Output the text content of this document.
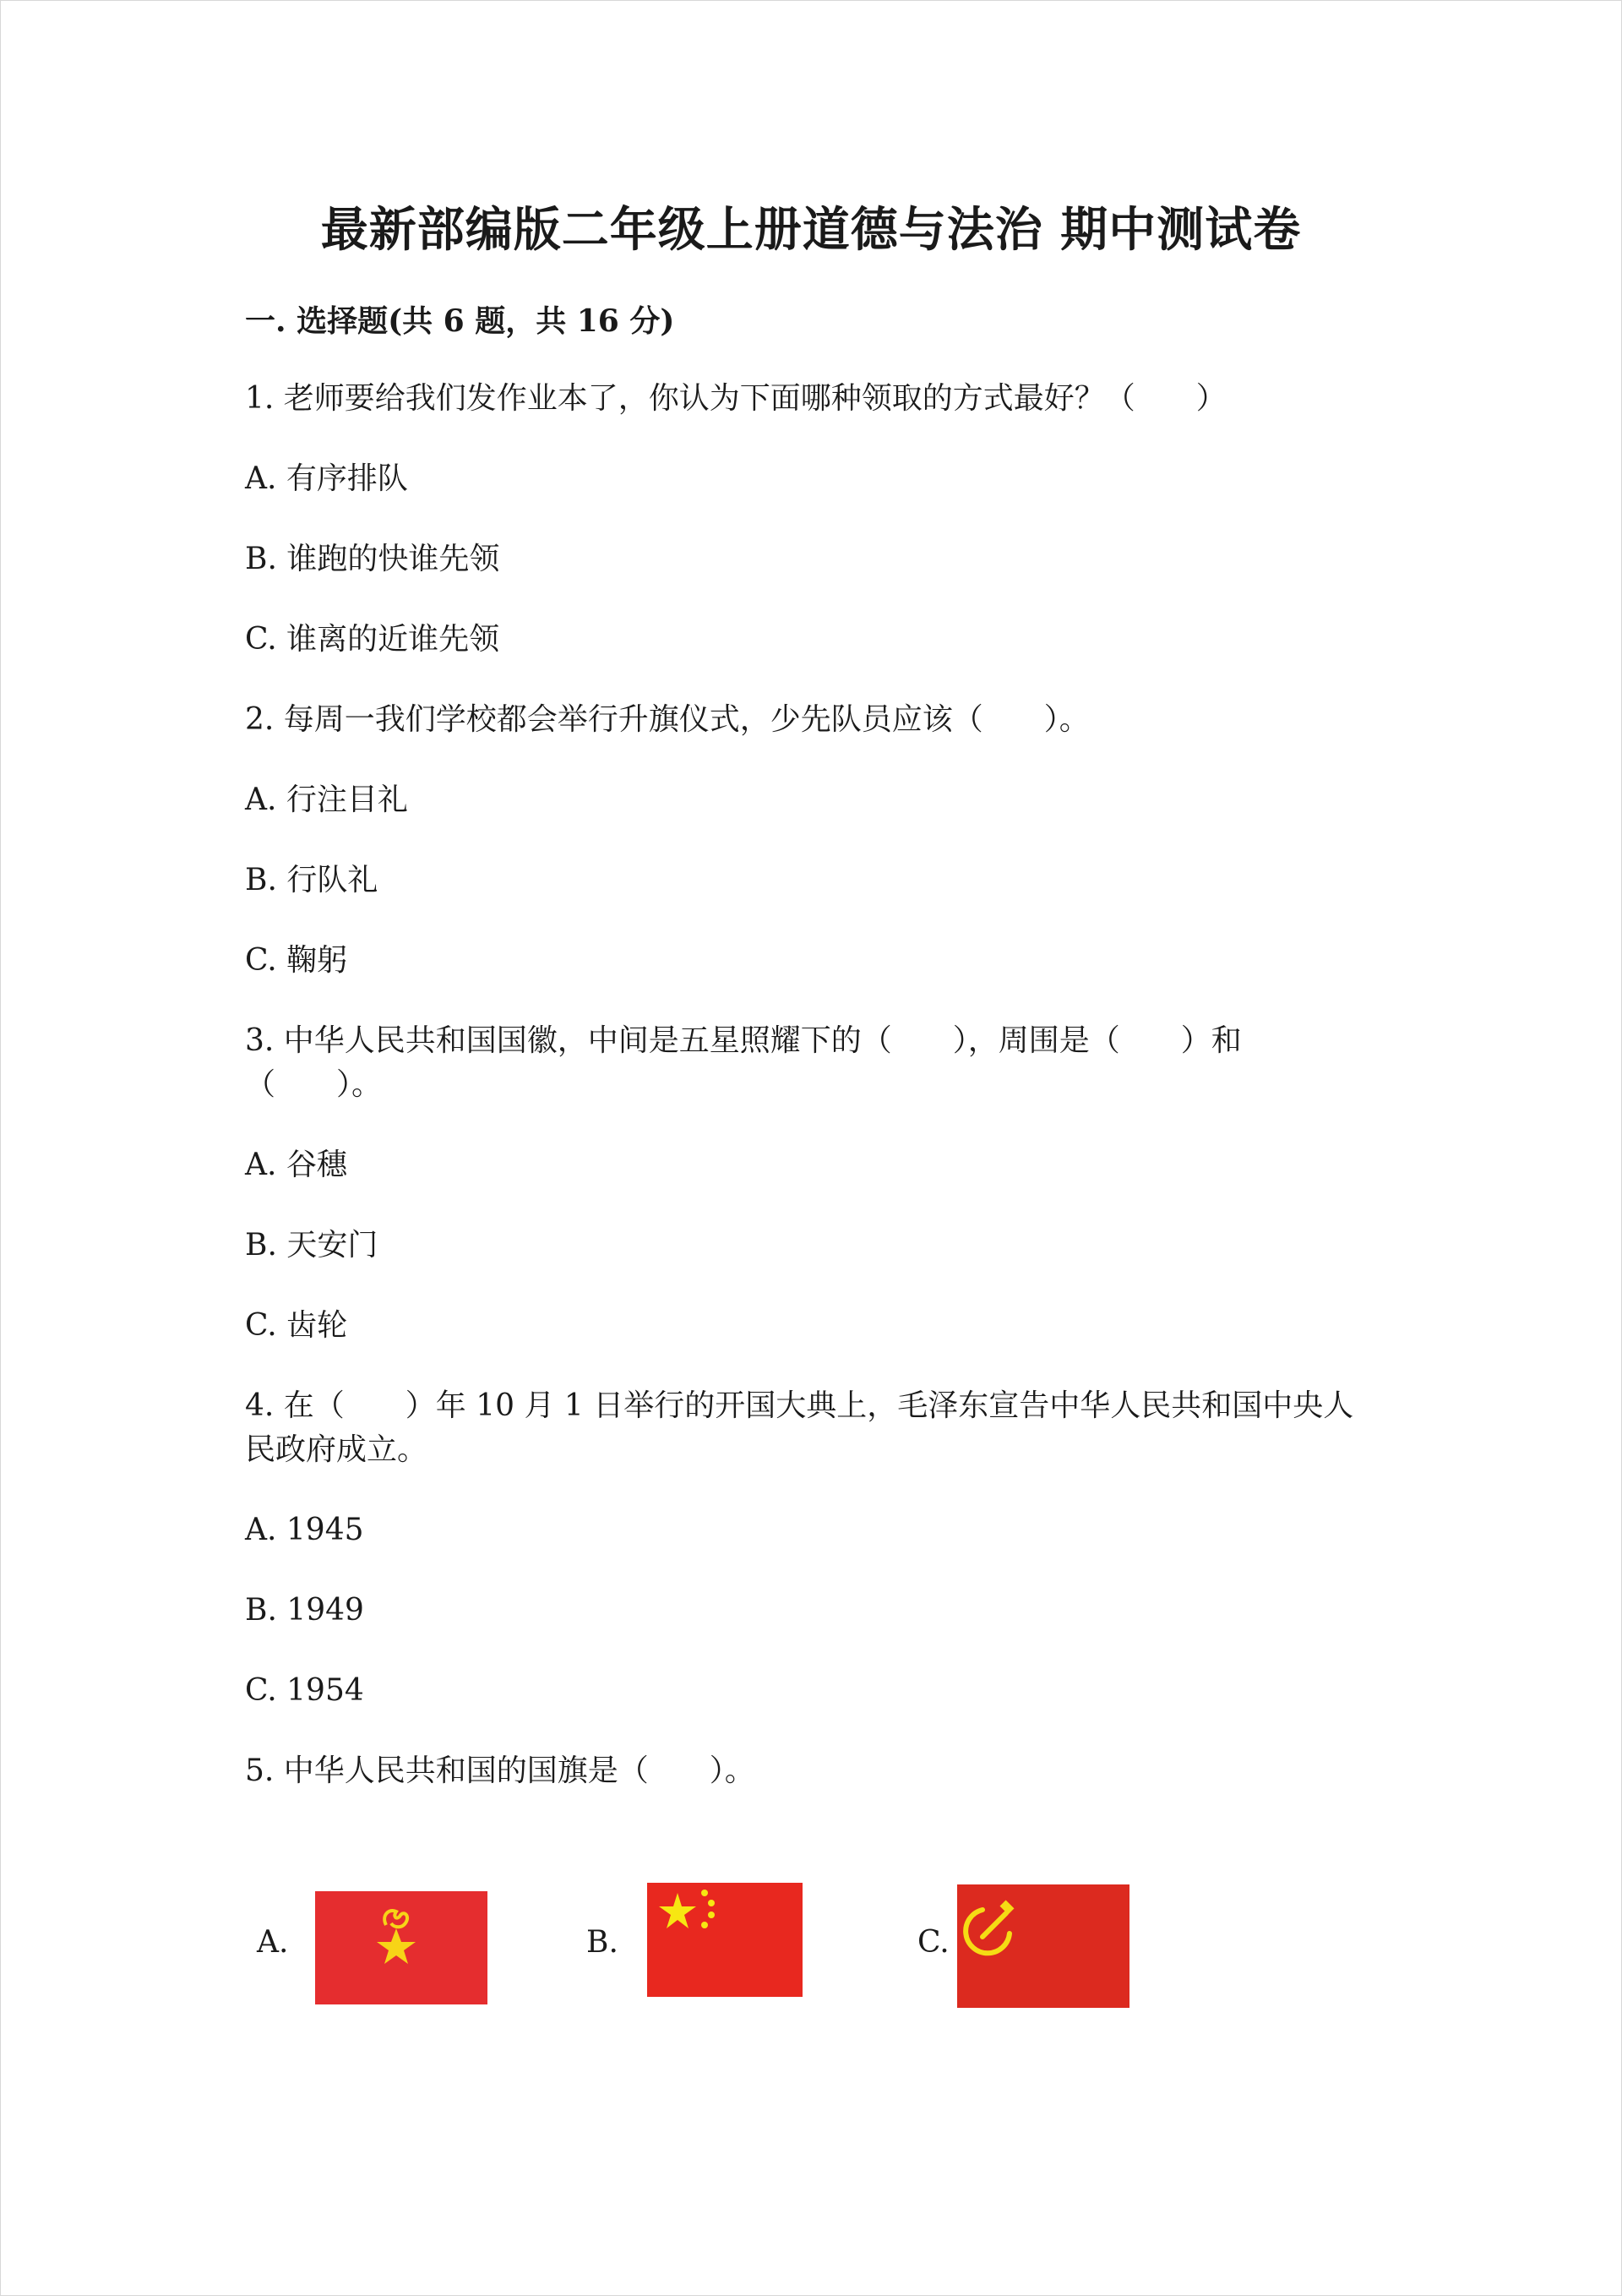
最新部编版二年级上册道德与法治 期中测试卷
一. 选择题(共 6 题，共 16 分)

1. 老师要给我们发作业本了，你认为下面哪种领取的方式最好？（　　）

A. 有序排队

B. 谁跑的快谁先领

C. 谁离的近谁先领

2. 每周一我们学校都会举行升旗仪式，少先队员应该（　　）。

A. 行注目礼

B. 行队礼

C. 鞠躬

3. 中华人民共和国国徽，中间是五星照耀下的（　　），周围是（　　）和（　　）。

A. 谷穗

B. 天安门

C. 齿轮

4. 在（　　）年 10 月 1 日举行的开国大典上，毛泽东宣告中华人民共和国中央人民政府成立。

A. 1945

B. 1949

C. 1954

5. 中华人民共和国的国旗是（　　）。

A.	B.	C.
